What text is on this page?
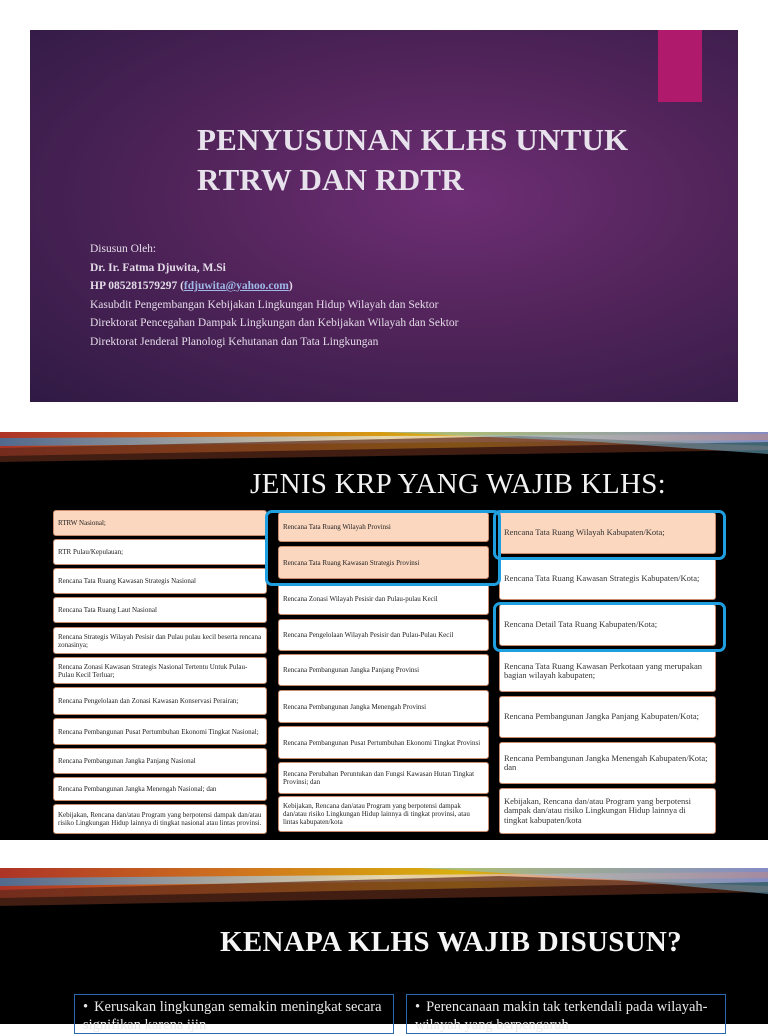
PENYUSUNAN KLHS UNTUK
RTRW DAN RDTR
Disusun Oleh:
Dr. Ir. Fatma Djuwita, M.Si
HP 085281579297 (fdjuwita@yahoo.com)
Kasubdit Pengembangan Kebijakan Lingkungan Hidup Wilayah dan Sektor
Direktorat Pencegahan Dampak Lingkungan dan Kebijakan Wilayah dan Sektor
Direktorat Jenderal Planologi Kehutanan dan Tata Lingkungan
JENIS KRP YANG WAJIB KLHS:
RTRW Nasional;
RTR Pulau/Kepulauan;
Rencana Tata Ruang Kawasan Strategis Nasional
Rencana Tata Ruang Laut Nasional
Rencana Strategis Wilayah Pesisir dan Pulau pulau kecil beserta rencana zonasinya;
Rencana Zonasi Kawasan Strategis Nasional Tertentu Untuk Pulau-Pulau Kecil Terluar;
Rencana Pengelolaan dan Zonasi Kawasan Konservasi Perairan;
Rencana Pembangunan Pusat Pertumbuhan Ekonomi Tingkat Nasional;
Rencana Pembangunan Jangka Panjang Nasional
Rencana Pembangunan Jangka Menengah Nasional; dan
Kebijakan, Rencana dan/atau Program yang berpotensi dampak dan/atau risiko Lingkungan Hidup lainnya di tingkat nasional atau lintas provinsi.
Rencana Tata Ruang Wilayah Provinsi
Rencana Tata Ruang Kawasan Strategis Provinsi
Rencana Zonasi Wilayah Pesisir dan Pulau-pulau Kecil
Rencana Pengelolaan Wilayah Pesisir dan Pulau-Pulau Kecil
Rencana Pembangunan Jangka Panjang Provinsi
Rencana Pembangunan Jangka Menengah Provinsi
Rencana Pembangunan Pusat Pertumbuhan Ekonomi Tingkat Provinsi
Rencana Perubahan Peruntukan dan Fungsi Kawasan Hutan Tingkat Provinsi; dan
Kebijakan, Rencana dan/atau Program yang berpotensi dampak dan/atau risiko Lingkungan Hidup lainnya di tingkat provinsi, atau lintas kabupaten/kota
Rencana Tata Ruang Wilayah Kabupaten/Kota;
Rencana Tata Ruang Kawasan Strategis Kabupaten/Kota;
Rencana Detail Tata Ruang Kabupaten/Kota;
Rencana Tata Ruang Kawasan Perkotaan yang merupakan bagian wilayah kabupaten;
Rencana Pembangunan Jangka Panjang Kabupaten/Kota;
Rencana Pembangunan Jangka Menengah Kabupaten/Kota; dan
Kebijakan, Rencana dan/atau Program yang berpotensi dampak dan/atau risiko Lingkungan Hidup lainnya di tingkat kabupaten/kota
KENAPA KLHS WAJIB DISUSUN?
• Kerusakan lingkungan semakin meningkat secara signifikan karena ijin
• Perencanaan makin tak terkendali pada wilayah-wilayah yang berpengaruh
